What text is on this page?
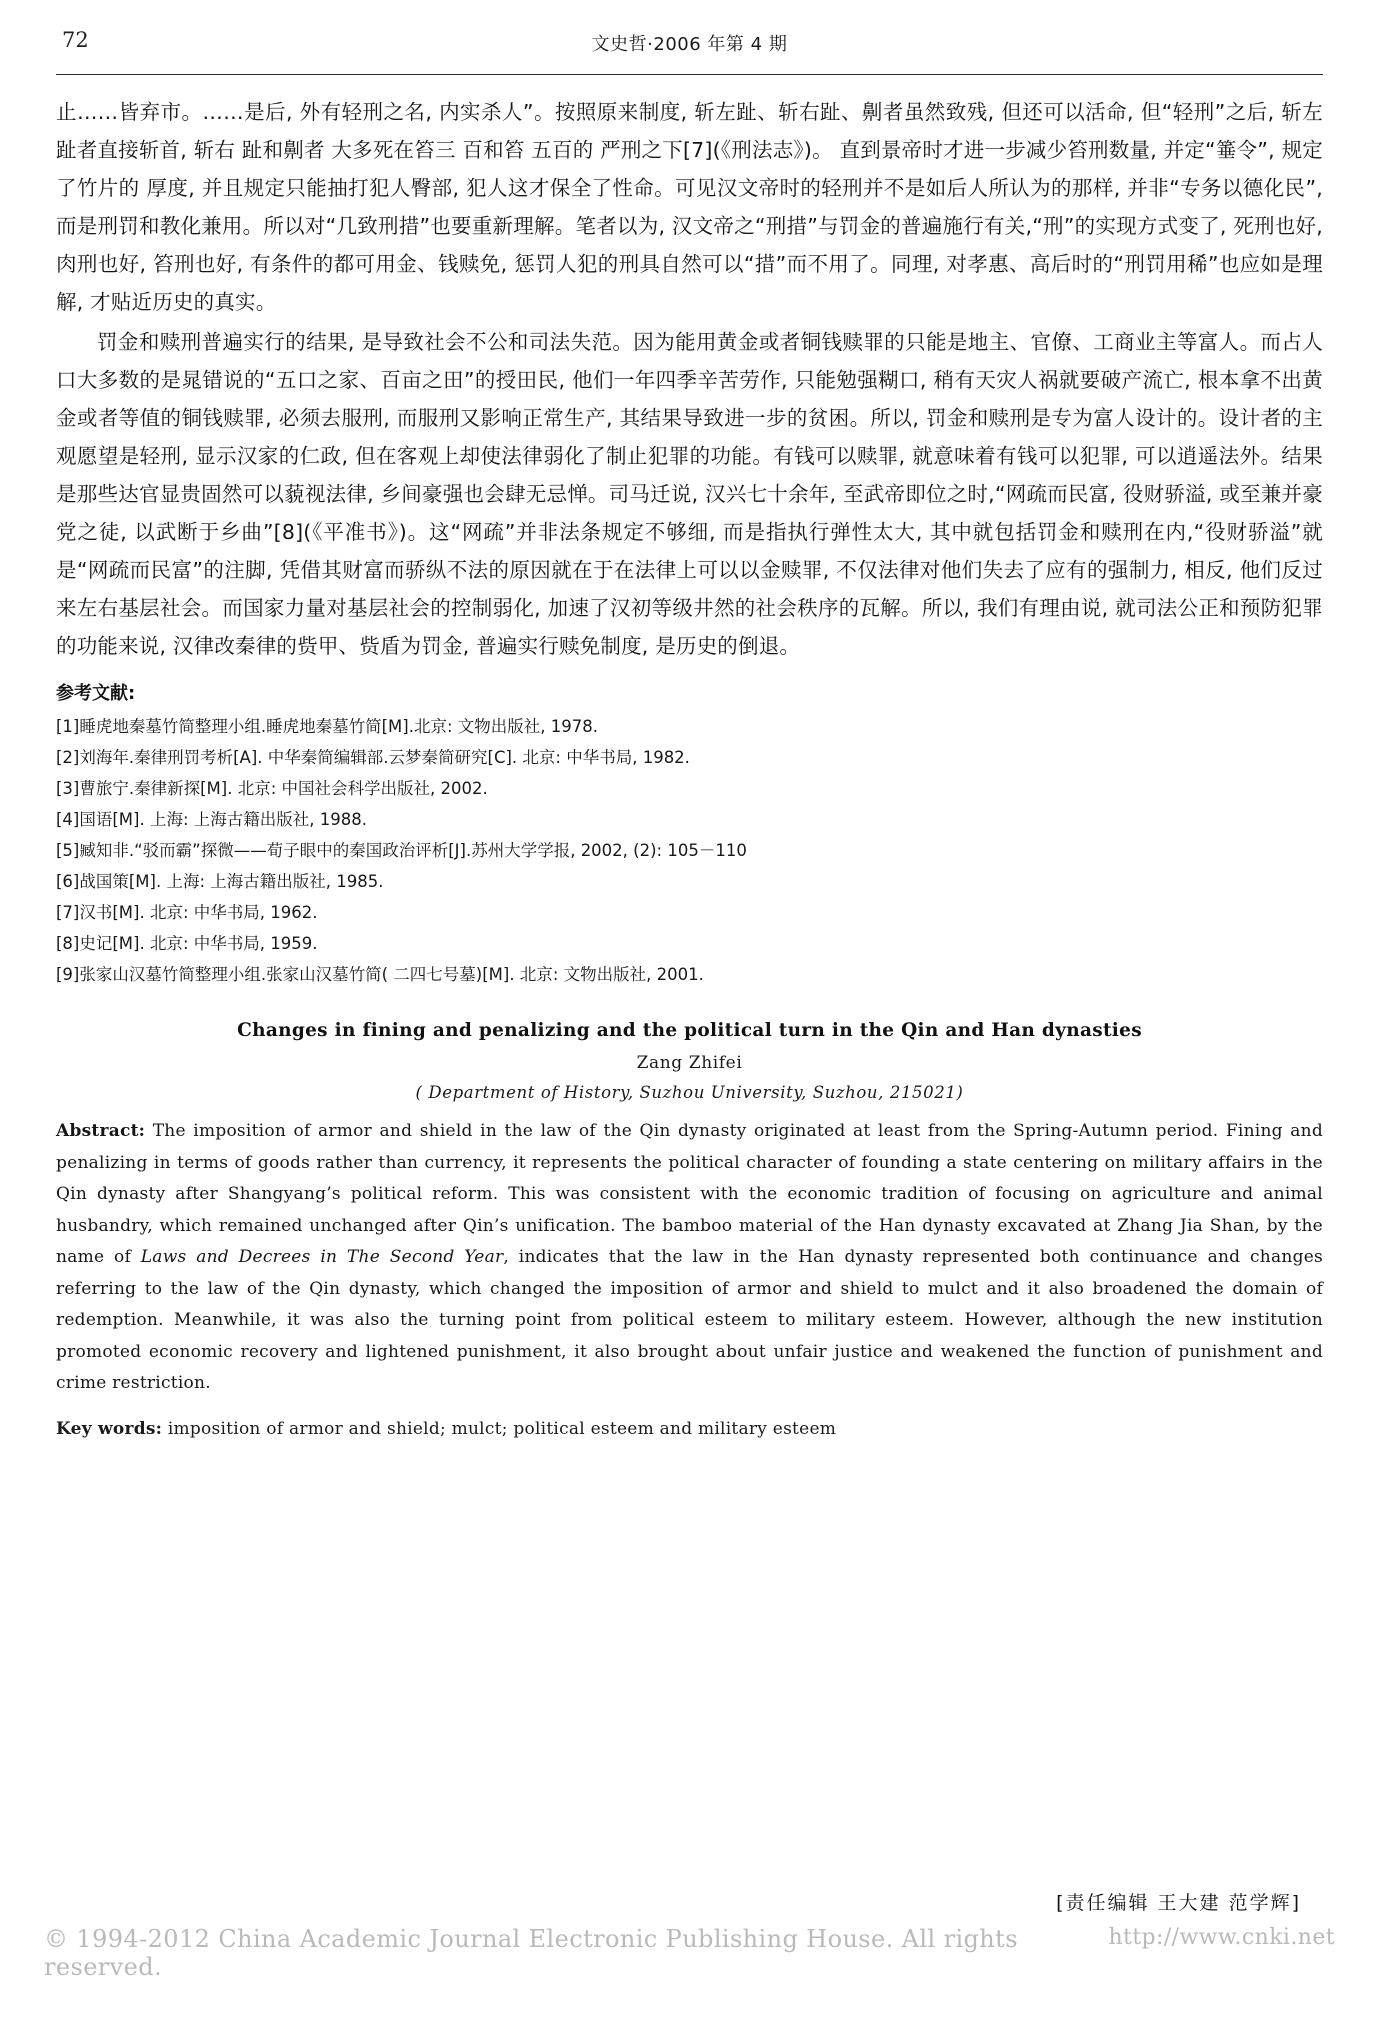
72	文史哲·2006 年第 4 期

止……皆弃市。……是后, 外有轻刑之名, 内实杀人”。按照原来制度, 斩左趾、斩右趾、劓者虽然致残, 但还可以活命, 但“轻刑”之后, 斩左 趾者直接斩首, 斩右 趾和劓者 大多死在笞三 百和笞 五百的 严刑之下[7](《刑法志》)。 直到景帝时才进一步减少笞刑数量, 并定“箠令”, 规定了竹片的 厚度, 并且规定只能抽打犯人臀部, 犯人这才保全了性命。可见汉文帝时的轻刑并不是如后人所认为的那样, 并非“专务以德化民”, 而是刑罚和教化兼用。所以对“几致刑措”也要重新理解。笔者以为, 汉文帝之“刑措”与罚金的普遍施行有关,“刑”的实现方式变了, 死刑也好, 肉刑也好, 笞刑也好, 有条件的都可用金、钱赎免, 惩罚人犯的刑具自然可以“措”而不用了。同理, 对孝惠、高后时的“刑罚用稀”也应如是理解, 才贴近历史的真实。

罚金和赎刑普遍实行的结果, 是导致社会不公和司法失范。因为能用黄金或者铜钱赎罪的只能是地主、官僚、工商业主等富人。而占人口大多数的是晁错说的“五口之家、百亩之田”的授田民, 他们一年四季辛苦劳作, 只能勉强糊口, 稍有天灾人祸就要破产流亡, 根本拿不出黄金或者等值的铜钱赎罪, 必须去服刑, 而服刑又影响正常生产, 其结果导致进一步的贫困。所以, 罚金和赎刑是专为富人设计的。设计者的主观愿望是轻刑, 显示汉家的仁政, 但在客观上却使法律弱化了制止犯罪的功能。有钱可以赎罪, 就意味着有钱可以犯罪, 可以逍遥法外。结果是那些达官显贵固然可以藐视法律, 乡间豪强也会肆无忌惮。司马迁说, 汉兴七十余年, 至武帝即位之时,“网疏而民富, 役财骄溢, 或至兼并豪党之徒, 以武断于乡曲”[8](《平准书》)。这“网疏”并非法条规定不够细, 而是指执行弹性太大, 其中就包括罚金和赎刑在内,“役财骄溢”就是“网疏而民富”的注脚, 凭借其财富而骄纵不法的原因就在于在法律上可以以金赎罪, 不仅法律对他们失去了应有的强制力, 相反, 他们反过来左右基层社会。而国家力量对基层社会的控制弱化, 加速了汉初等级井然的社会秩序的瓦解。所以, 我们有理由说, 就司法公正和预防犯罪的功能来说, 汉律改秦律的赀甲、赀盾为罚金, 普遍实行赎免制度, 是历史的倒退。

参考文献:
[1]睡虎地秦墓竹简整理小组.睡虎地秦墓竹简[M].北京: 文物出版社, 1978.
[2]刘海年.秦律刑罚考析[A]. 中华秦简编辑部.云梦秦简研究[C]. 北京: 中华书局, 1982.
[3]曹旅宁.秦律新探[M]. 北京: 中国社会科学出版社, 2002.
[4]国语[M]. 上海: 上海古籍出版社, 1988.
[5]臧知非.“驳而霸”探微——荀子眼中的秦国政治评析[J].苏州大学学报, 2002, (2): 105－110
[6]战国策[M]. 上海: 上海古籍出版社, 1985.
[7]汉书[M]. 北京: 中华书局, 1962.
[8]史记[M]. 北京: 中华书局, 1959.
[9]张家山汉墓竹简整理小组.张家山汉墓竹简( 二四七号墓)[M]. 北京: 文物出版社, 2001.
Changes in fining and penalizing and the political turn in the Qin and Han dynasties
Zang Zhifei
( Department of History, Suzhou University, Suzhou, 215021)
Abstract: The imposition of armor and shield in the law of the Qin dynasty originated at least from the Spring-Autumn period. Fining and penalizing in terms of goods rather than currency, it represents the political character of founding a state centering on military affairs in the Qin dynasty after Shangyang’s political reform. This was consistent with the economic tradition of focusing on agriculture and animal husbandry, which remained unchanged after Qin’s unification. The bamboo material of the Han dynasty excavated at Zhang Jia Shan, by the name of Laws and Decrees in The Second Year, indicates that the law in the Han dynasty represented both continuance and changes referring to the law of the Qin dynasty, which changed the imposition of armor and shield to mulct and it also broadened the domain of redemption. Meanwhile, it was also the turning point from political esteem to military esteem. However, although the new institution promoted economic recovery and lightened punishment, it also brought about unfair justice and weakened the function of punishment and crime restriction.
Key words: imposition of armor and shield; mulct; political esteem and military esteem
[责任编辑 王大建 范学辉]
© 1994-2012 China Academic Journal Electronic Publishing House. All rights reserved.
http://www.cnki.net
